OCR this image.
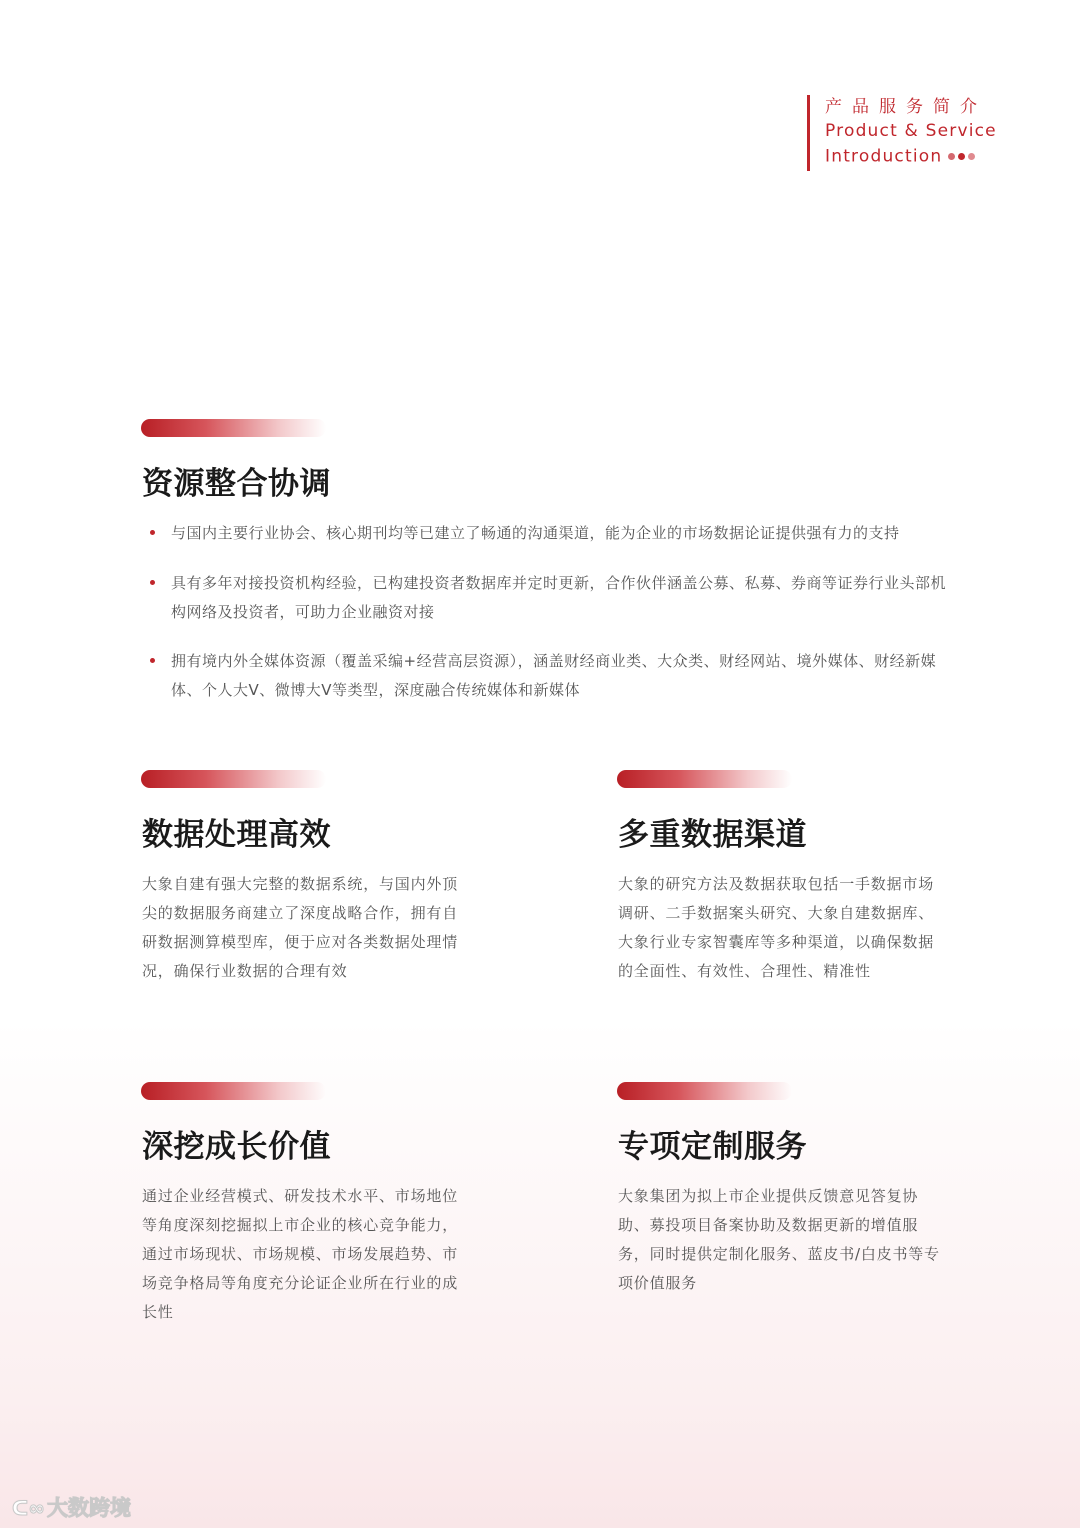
产品服务简介
Product & Service
Introduction
资源整合协调
与国内主要行业协会、核心期刊均等已建立了畅通的沟通渠道，能为企业的市场数据论证提供强有力的支持
具有多年对接投资机构经验，已构建投资者数据库并定时更新，合作伙伴涵盖公募、私募、券商等证券行业头部机构网络及投资者，可助力企业融资对接
拥有境内外全媒体资源（覆盖采编+经营高层资源），涵盖财经商业类、大众类、财经网站、境外媒体、财经新媒体、个人大V、微博大V等类型，深度融合传统媒体和新媒体
数据处理高效
大象自建有强大完整的数据系统，与国内外顶尖的数据服务商建立了深度战略合作，拥有自研数据测算模型库，便于应对各类数据处理情况，确保行业数据的合理有效
多重数据渠道
大象的研究方法及数据获取包括一手数据市场调研、二手数据案头研究、大象自建数据库、大象行业专家智囊库等多种渠道，以确保数据的全面性、有效性、合理性、精准性
深挖成长价值
通过企业经营模式、研发技术水平、市场地位等角度深刻挖掘拟上市企业的核心竞争能力，通过市场现状、市场规模、市场发展趋势、市场竞争格局等角度充分论证企业所在行业的成长性
专项定制服务
大象集团为拟上市企业提供反馈意见答复协助、募投项目备案协助及数据更新的增值服务，同时提供定制化服务、蓝皮书/白皮书等专项价值服务
ᑕ∞大数跨境
